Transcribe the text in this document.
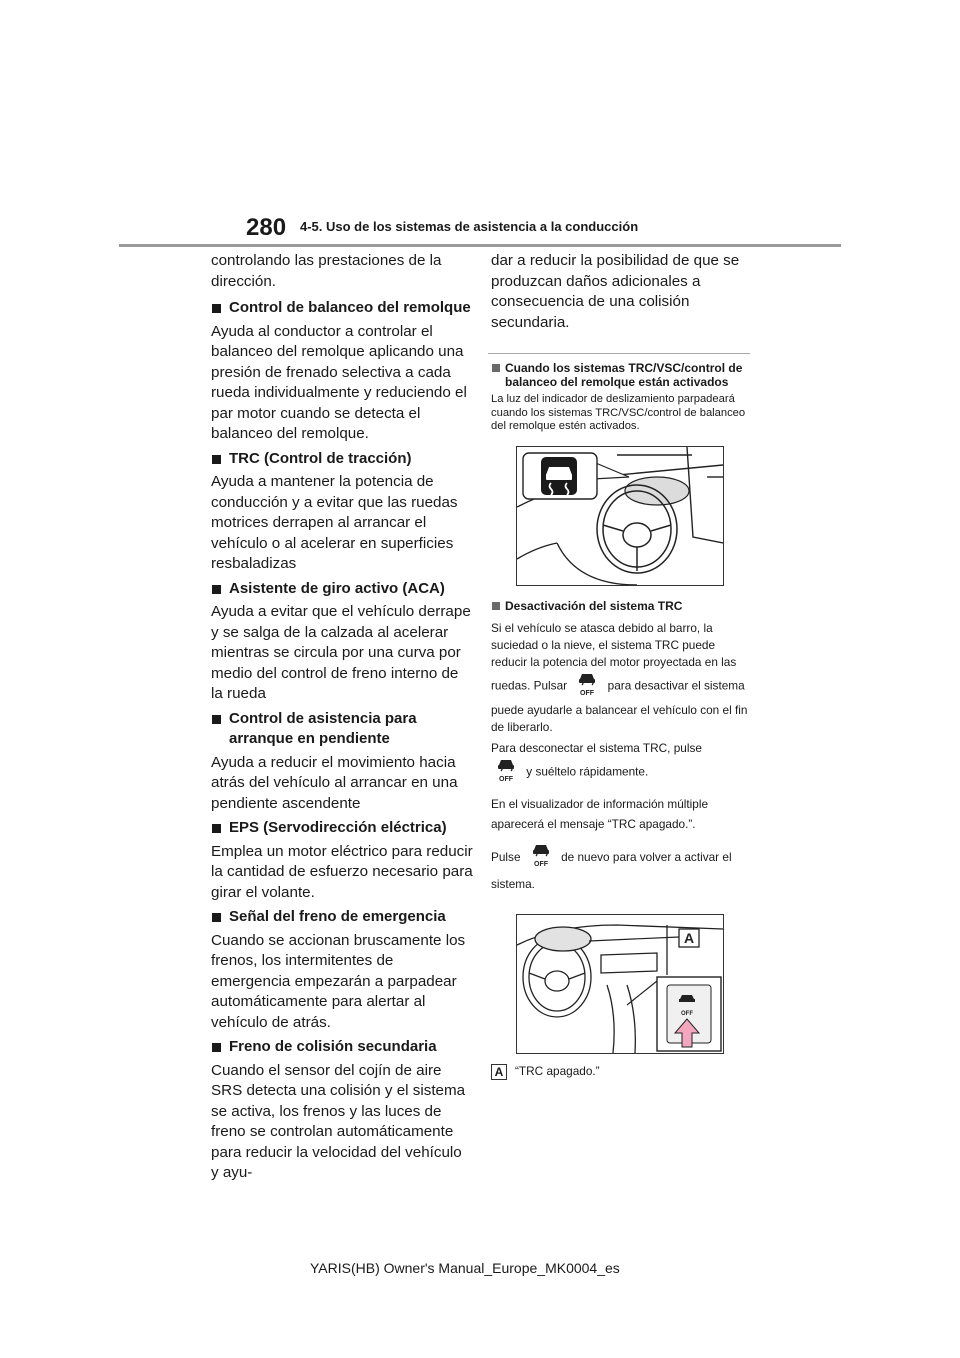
280 4-5. Uso de los sistemas de asistencia a la conducción

controlando las prestaciones de la dirección.

Control de balanceo del remolque

Ayuda al conductor a controlar el balanceo del remolque aplicando una presión de frenado selectiva a cada rueda individualmente y reduciendo el par motor cuando se detecta el balanceo del remolque.

TRC (Control de tracción)

Ayuda a mantener la potencia de conducción y a evitar que las ruedas motrices derrapen al arrancar el vehículo o al acelerar en superficies resbaladizas

Asistente de giro activo (ACA)

Ayuda a evitar que el vehículo derrape y se salga de la calzada al acelerar mientras se circula por una curva por medio del control de freno interno de la rueda

Control de asistencia para arranque en pendiente

Ayuda a reducir el movimiento hacia atrás del vehículo al arrancar en una pendiente ascendente

EPS (Servodirección eléctrica)

Emplea un motor eléctrico para reducir la cantidad de esfuerzo necesario para girar el volante.

Señal del freno de emergencia

Cuando se accionan bruscamente los frenos, los intermitentes de emergencia empezarán a parpadear automáticamente para alertar al vehículo de atrás.

Freno de colisión secundaria

Cuando el sensor del cojín de aire SRS detecta una colisión y el sistema se activa, los frenos y las luces de freno se controlan automáticamente para reducir la velocidad del vehículo y ayu-

dar a reducir la posibilidad de que se produzcan daños adicionales a consecuencia de una colisión secundaria.

Cuando los sistemas TRC/VSC/control de balanceo del remolque están activados

La luz del indicador de deslizamiento parpadeará cuando los sistemas TRC/VSC/control de balanceo del remolque estén activados.

Desactivación del sistema TRC

Si el vehículo se atasca debido al barro, la suciedad o la nieve, el sistema TRC puede reducir la potencia del motor proyectada en las ruedas. Pulsar
OFF
para desactivar el sistema puede ayudarle a balancear el vehículo con el fin de liberarlo.

Para desconectar el sistema TRC, pulse

OFF
y suéltelo rápidamente.

En el visualizador de información múltiple aparecerá el mensaje “TRC apagado.”.

Pulse
OFF
de nuevo para volver a activar el sistema.

A
OFF
A “TRC apagado.”
YARIS(HB) Owner's Manual_Europe_MK0004_es
